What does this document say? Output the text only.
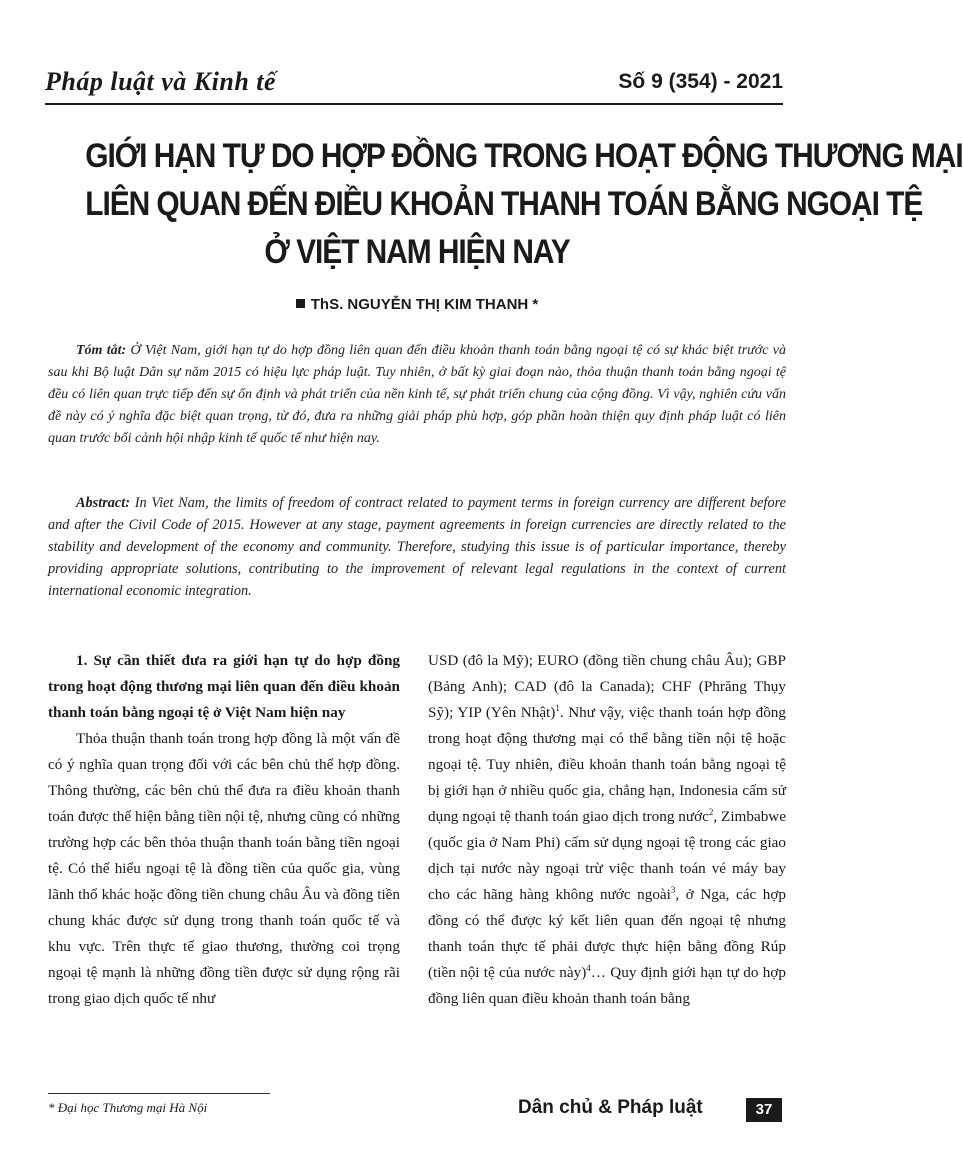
Pháp luật và Kinh tế	Số 9 (354) - 2021
GIỚI HẠN TỰ DO HỢP ĐỒNG TRONG HOẠT ĐỘNG THƯƠNG MẠI
LIÊN QUAN ĐẾN ĐIỀU KHOẢN THANH TOÁN BẰNG NGOẠI TỆ
Ở VIỆT NAM HIỆN NAY
ThS. NGUYỄN THỊ KIM THANH *

Tóm tắt: Ở Việt Nam, giới hạn tự do hợp đồng liên quan đến điều khoản thanh toán bằng ngoại tệ có sự khác biệt trước và sau khi Bộ luật Dân sự năm 2015 có hiệu lực pháp luật. Tuy nhiên, ở bất kỳ giai đoạn nào, thỏa thuận thanh toán bằng ngoại tệ đều có liên quan trực tiếp đến sự ổn định và phát triển của nền kinh tế, sự phát triển chung của cộng đồng. Vì vậy, nghiên cứu vấn đề này có ý nghĩa đặc biệt quan trọng, từ đó, đưa ra những giải pháp phù hợp, góp phần hoàn thiện quy định pháp luật có liên quan trước bối cảnh hội nhập kinh tế quốc tế như hiện nay.

Abstract: In Viet Nam, the limits of freedom of contract related to payment terms in foreign currency are different before and after the Civil Code of 2015. However at any stage, payment agreements in foreign currencies are directly related to the stability and development of the economy and community. Therefore, studying this issue is of particular importance, thereby providing appropriate solutions, contributing to the improvement of relevant legal regulations in the context of current international economic integration.

1. Sự cần thiết đưa ra giới hạn tự do hợp đồng trong hoạt động thương mại liên quan đến điều khoản thanh toán bằng ngoại tệ ở Việt Nam hiện nay

Thỏa thuận thanh toán trong hợp đồng là một vấn đề có ý nghĩa quan trọng đối với các bên chủ thể hợp đồng. Thông thường, các bên chủ thể đưa ra điều khoản thanh toán được thể hiện bằng tiền nội tệ, nhưng cũng có những trường hợp các bên thỏa thuận thanh toán bằng tiền ngoại tệ. Có thể hiểu ngoại tệ là đồng tiền của quốc gia, vùng lãnh thổ khác hoặc đồng tiền chung châu Âu và đồng tiền chung khác được sử dụng trong thanh toán quốc tế và khu vực. Trên thực tế giao thương, thường coi trọng ngoại tệ mạnh là những đồng tiền được sử dụng rộng rãi trong giao dịch quốc tế như

USD (đô la Mỹ); EURO (đồng tiền chung châu Âu); GBP (Bảng Anh); CAD (đô la Canada); CHF (Phrăng Thụy Sỹ); YIP (Yên Nhật)$^1$. Như vậy, việc thanh toán hợp đồng trong hoạt động thương mại có thể bằng tiền nội tệ hoặc ngoại tệ. Tuy nhiên, điều khoản thanh toán bằng ngoại tệ bị giới hạn ở nhiều quốc gia, chẳng hạn, Indonesia cấm sử dụng ngoại tệ thanh toán giao dịch trong nước$^2$, Zimbabwe (quốc gia ở Nam Phi) cấm sử dụng ngoại tệ trong các giao dịch tại nước này ngoại trừ việc thanh toán vé máy bay cho các hãng hàng không nước ngoài$^3$, ở Nga, các hợp đồng có thể được ký kết liên quan đến ngoại tệ nhưng thanh toán thực tế phải được thực hiện bằng đồng Rúp (tiền nội tệ của nước này)$^4$… Quy định giới hạn tự do hợp đồng liên quan điều khoản thanh toán bằng

* Đại học Thương mại Hà Nội	Dân chủ & Pháp luật	37
